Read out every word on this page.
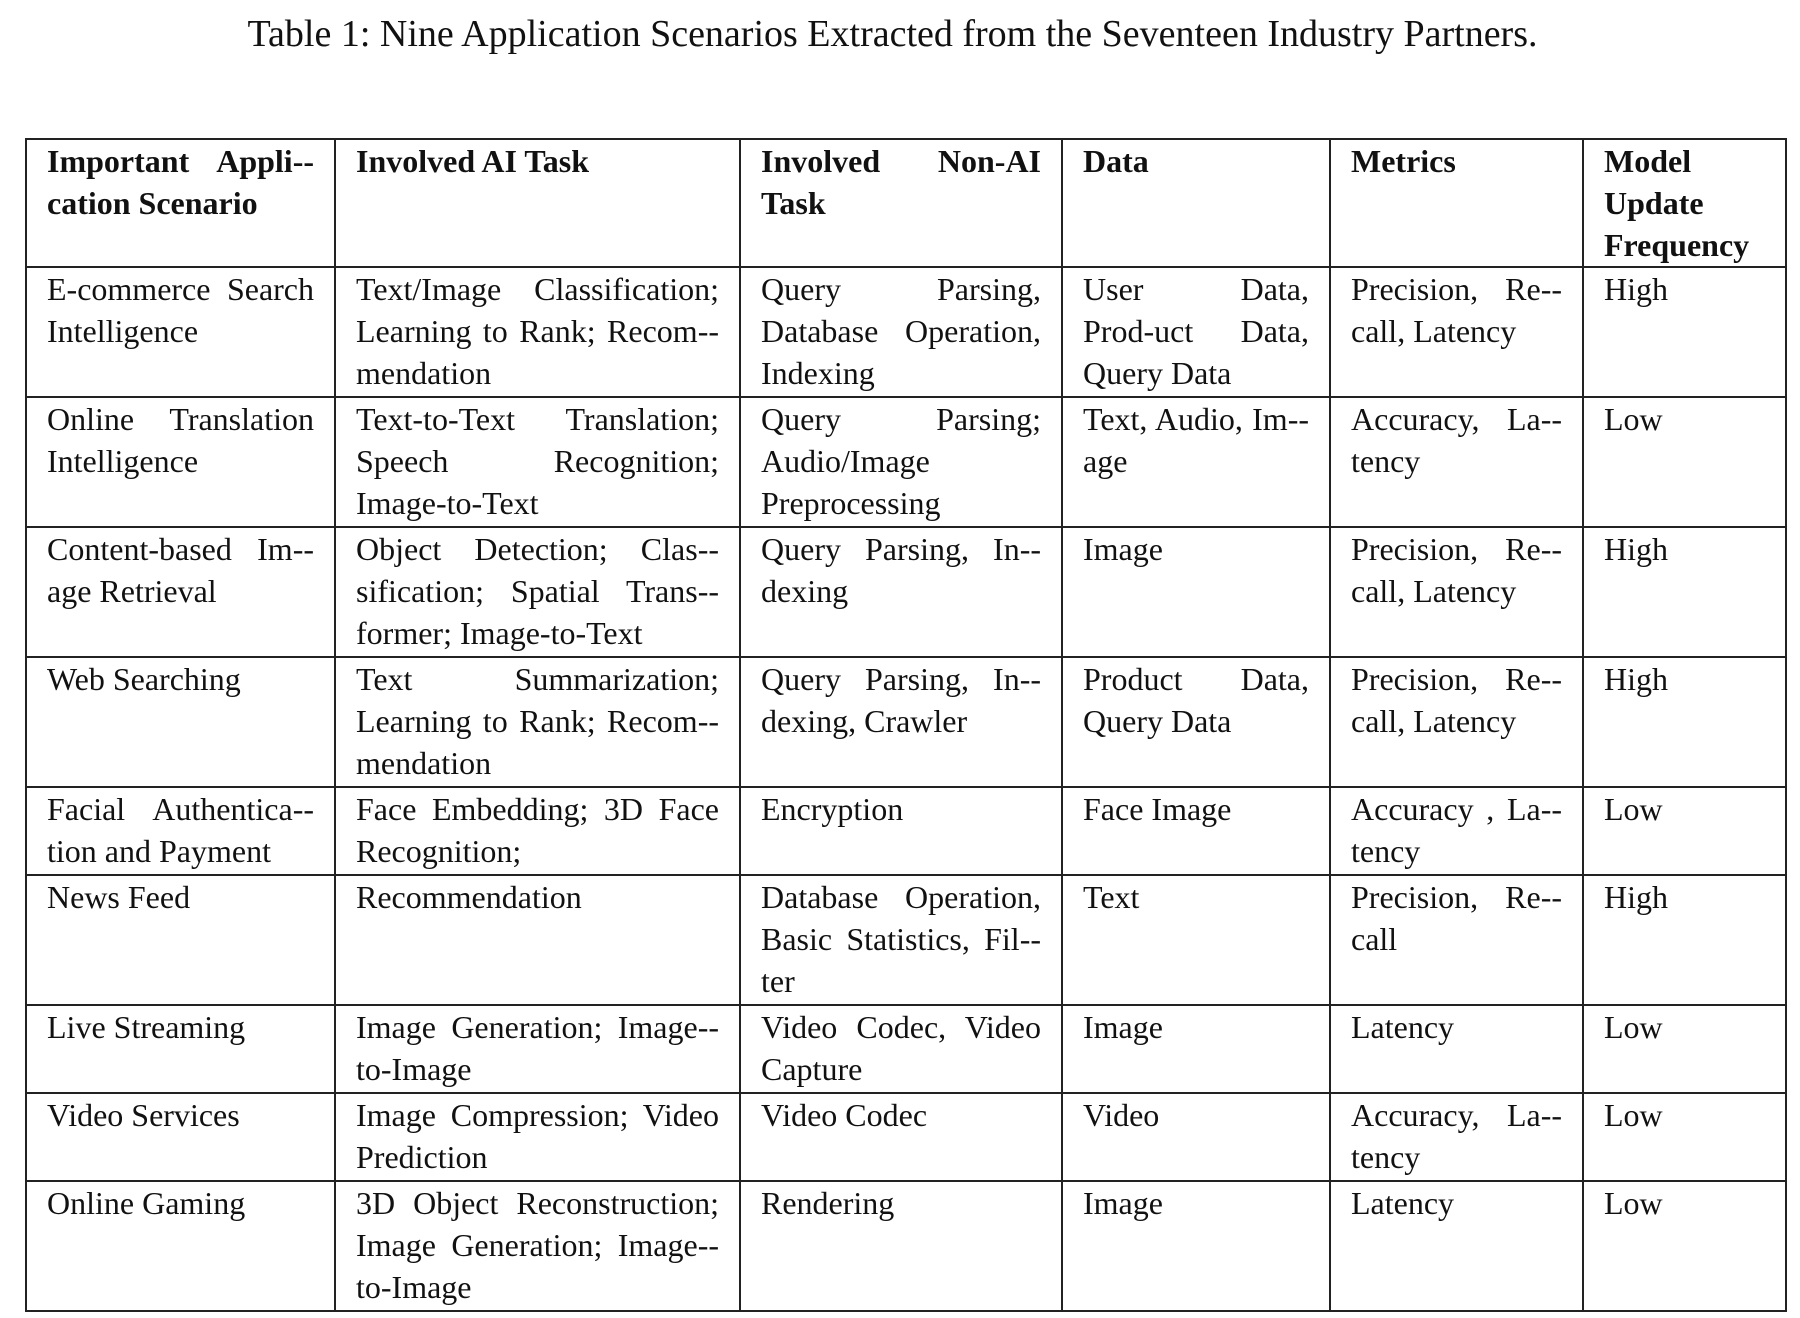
Table 1: Nine Application Scenarios Extracted from the Seventeen Industry Partners.
Important Appli-cation Scenario	Involved AI Task	Involved Non-AI Task	Data	Metrics	Model Update Frequency
E-commerce Search Intelligence	Text/Image Classification; Learning to Rank; Recom-mendation	Query Parsing, Database Operation, Indexing	User Data, Prod-uct Data, Query Data	Precision, Re-call, Latency	High
Online Translation Intelligence	Text-to-Text Translation; Speech Recognition; Image-to-Text	Query Parsing; Audio/Image Preprocessing	Text, Audio, Im-age	Accuracy, La-tency	Low
Content-based Im-age Retrieval	Object Detection; Clas-sification; Spatial Trans-former; Image-to-Text	Query Parsing, In-dexing	Image	Precision, Re-call, Latency	High
Web Searching	Text Summarization; Learning to Rank; Recom-mendation	Query Parsing, In-dexing, Crawler	Product Data, Query Data	Precision, Re-call, Latency	High
Facial Authentica-tion and Payment	Face Embedding; 3D Face Recognition;	Encryption	Face Image	Accuracy , La-tency	Low
News Feed	Recommendation	Database Operation, Basic Statistics, Fil-ter	Text	Precision, Re-call	High
Live Streaming	Image Generation; Image-to-Image	Video Codec, Video Capture	Image	Latency	Low
Video Services	Image Compression; Video Prediction	Video Codec	Video	Accuracy, La-tency	Low
Online Gaming	3D Object Reconstruction; Image Generation; Image-to-Image	Rendering	Image	Latency	Low
